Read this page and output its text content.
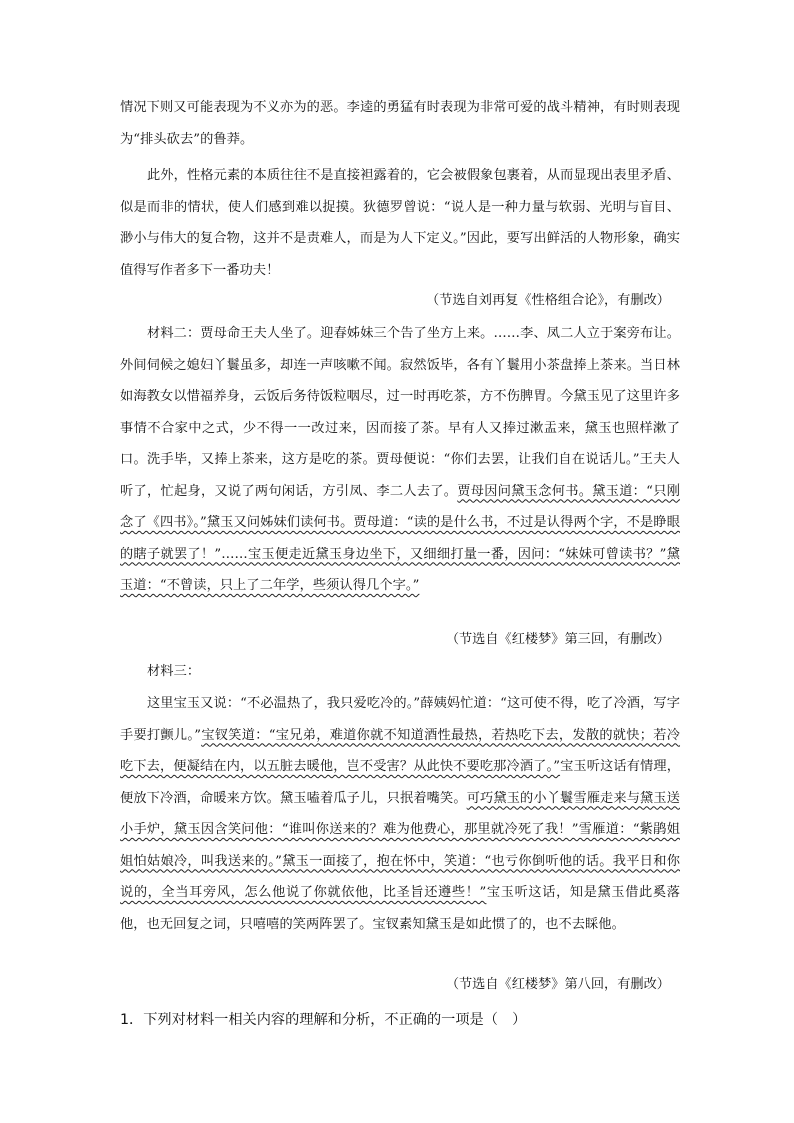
情况下则又可能表现为不义亦为的恶。李逵的勇猛有时表现为非常可爱的战斗精神，有时则表现为“排头砍去”的鲁莽。

此外，性格元素的本质往往不是直接袒露着的，它会被假象包裹着，从而显现出表里矛盾、似是而非的情状，使人们感到难以捉摸。狄德罗曾说：“说人是一种力量与软弱、光明与盲目、渺小与伟大的复合物，这并不是责难人，而是为人下定义。”因此，要写出鲜活的人物形象，确实值得写作者多下一番功夫！

（节选自刘再复《性格组合论》，有删改）

材料二：贾母命王夫人坐了。迎春姊妹三个告了坐方上来。……李、凤二人立于案旁布让。外间伺候之媳妇丫鬟虽多，却连一声咳嗽不闻。寂然饭毕，各有丫鬟用小茶盘捧上茶来。当日林如海教女以惜福养身，云饭后务待饭粒咽尽，过一时再吃茶，方不伤脾胃。今黛玉见了这里许多事情不合家中之式，少不得一一改过来，因而接了茶。早有人又捧过漱盂来，黛玉也照样漱了口。洗手毕，又捧上茶来，这方是吃的茶。贾母便说：“你们去罢，让我们自在说话儿。”王夫人听了，忙起身，又说了两句闲话，方引凤、李二人去了。贾母因问黛玉念何书。黛玉道：“只刚念了《四书》。”黛玉又问姊妹们读何书。贾母道：“读的是什么书，不过是认得两个字，不是睁眼的瞎子就罢了！”……宝玉便走近黛玉身边坐下，又细细打量一番，因问：“妹妹可曾读书？”黛玉道：“不曾读，只上了二年学，些须认得几个字。”

（节选自《红楼梦》第三回，有删改）

材料三：

这里宝玉又说：“不必温热了，我只爱吃冷的。”薛姨妈忙道：“这可使不得，吃了冷酒，写字手要打颤儿。”宝钗笑道：“宝兄弟，难道你就不知道酒性最热，若热吃下去，发散的就快；若冷吃下去，便凝结在内，以五脏去暖他，岂不受害？从此快不要吃那冷酒了。”宝玉听这话有情理，便放下冷酒，命暖来方饮。黛玉嗑着瓜子儿，只抿着嘴笑。可巧黛玉的小丫鬟雪雁走来与黛玉送小手炉，黛玉因含笑问他：“谁叫你送来的？难为他费心，那里就冷死了我！”雪雁道：“紫鹃姐姐怕姑娘冷，叫我送来的。”黛玉一面接了，抱在怀中，笑道：“也亏你倒听他的话。我平日和你说的，全当耳旁风，怎么他说了你就依他，比圣旨还遵些！”宝玉听这话，知是黛玉借此奚落他，也无回复之词，只嘻嘻的笑两阵罢了。宝钗素知黛玉是如此惯了的，也不去睬他。

（节选自《红楼梦》第八回，有删改）
1．下列对材料一相关内容的理解和分析，不正确的一项是（　）
